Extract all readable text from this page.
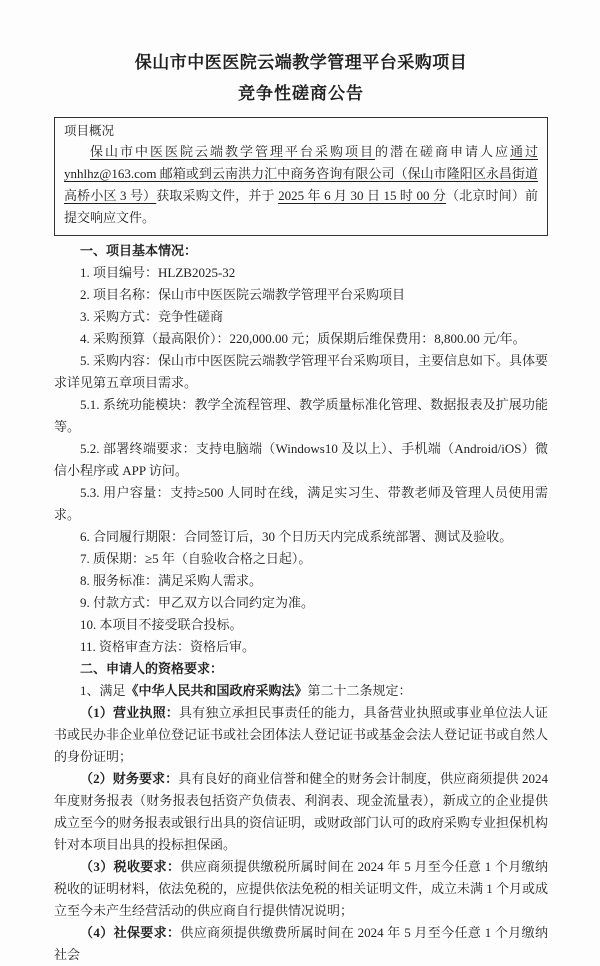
保山市中医医院云端教学管理平台采购项目
竞争性磋商公告
项目概况

保山市中医医院云端教学管理平台采购项目的潜在磋商申请人应通过 ynhlhz@163.com 邮箱或到云南洪力汇中商务咨询有限公司（保山市隆阳区永昌街道高桥小区 3 号）获取采购文件，并于 2025 年 6 月 30 日 15 时 00 分（北京时间）前提交响应文件。

一、项目基本情况：

1. 项目编号：HLZB2025-32

2. 项目名称：保山市中医医院云端教学管理平台采购项目

3. 采购方式：竞争性磋商

4. 采购预算（最高限价）：220,000.00 元；质保期后维保费用：8,800.00 元/年。

5. 采购内容：保山市中医医院云端教学管理平台采购项目，主要信息如下。具体要求详见第五章项目需求。

5.1. 系统功能模块：教学全流程管理、教学质量标准化管理、数据报表及扩展功能等。

5.2. 部署终端要求：支持电脑端（Windows10 及以上）、手机端（Android/iOS）微信小程序或 APP 访问。

5.3. 用户容量：支持≥500 人同时在线，满足实习生、带教老师及管理人员使用需求。

6. 合同履行期限：合同签订后，30 个日历天内完成系统部署、测试及验收。

7. 质保期：≥5 年（自验收合格之日起）。

8. 服务标准：满足采购人需求。

9. 付款方式：甲乙双方以合同约定为准。

10. 本项目不接受联合投标。

11. 资格审查方法：资格后审。

二、申请人的资格要求：

1、满足《中华人民共和国政府采购法》第二十二条规定：

（1）营业执照：具有独立承担民事责任的能力，具备营业执照或事业单位法人证书或民办非企业单位登记证书或社会团体法人登记证书或基金会法人登记证书或自然人的身份证明；

（2）财务要求：具有良好的商业信誉和健全的财务会计制度，供应商须提供 2024 年度财务报表（财务报表包括资产负债表、利润表、现金流量表），新成立的企业提供成立至今的财务报表或银行出具的资信证明，或财政部门认可的政府采购专业担保机构针对本项目出具的投标担保函。

（3）税收要求：供应商须提供缴税所属时间在 2024 年 5 月至今任意 1 个月缴纳税收的证明材料，依法免税的，应提供依法免税的相关证明文件，成立未满 1 个月或成立至今未产生经营活动的供应商自行提供情况说明；

（4）社保要求：供应商须提供缴费所属时间在 2024 年 5 月至今任意 1 个月缴纳社会
